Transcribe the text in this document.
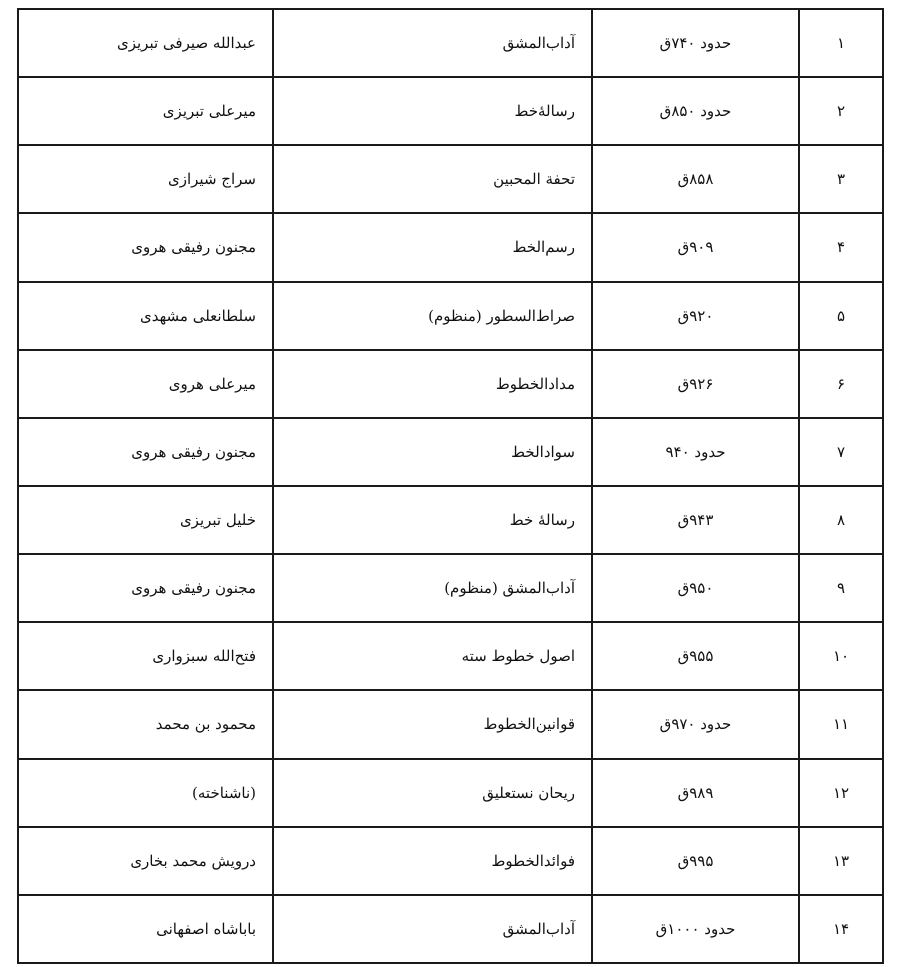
۱	حدود ۷۴۰ق	آداب‌المشق	عبدالله صیرفی تبریزی
۲	حدود ۸۵۰ق	رسالۀخط	میرعلی تبریزی
۳	۸۵۸ق	تحفة المحبین	سراج شیرازی
۴	۹۰۹ق	رسم‌الخط	مجنون رفیقی هروی
۵	۹۲۰ق	صراط‌السطور (منظوم)	سلطانعلی مشهدی
۶	۹۲۶ق	مدادالخطوط	میرعلی هروی
۷	حدود ۹۴۰	سوادالخط	مجنون رفیقی هروی
۸	۹۴۳ق	رسالۀ خط	خلیل تبریزی
۹	۹۵۰ق	آداب‌المشق (منظوم)	مجنون رفیقی هروی
۱۰	۹۵۵ق	اصول خطوط سته	فتح‌الله سبزواری
۱۱	حدود ۹۷۰ق	قوانین‌الخطوط	محمود بن محمد
۱۲	۹۸۹ق	ریحان نستعلیق	(ناشناخته)
۱۳	۹۹۵ق	فوائدالخطوط	درویش محمد بخاری
۱۴	حدود ۱۰۰۰ق	آداب‌المشق	باباشاه اصفهانی
